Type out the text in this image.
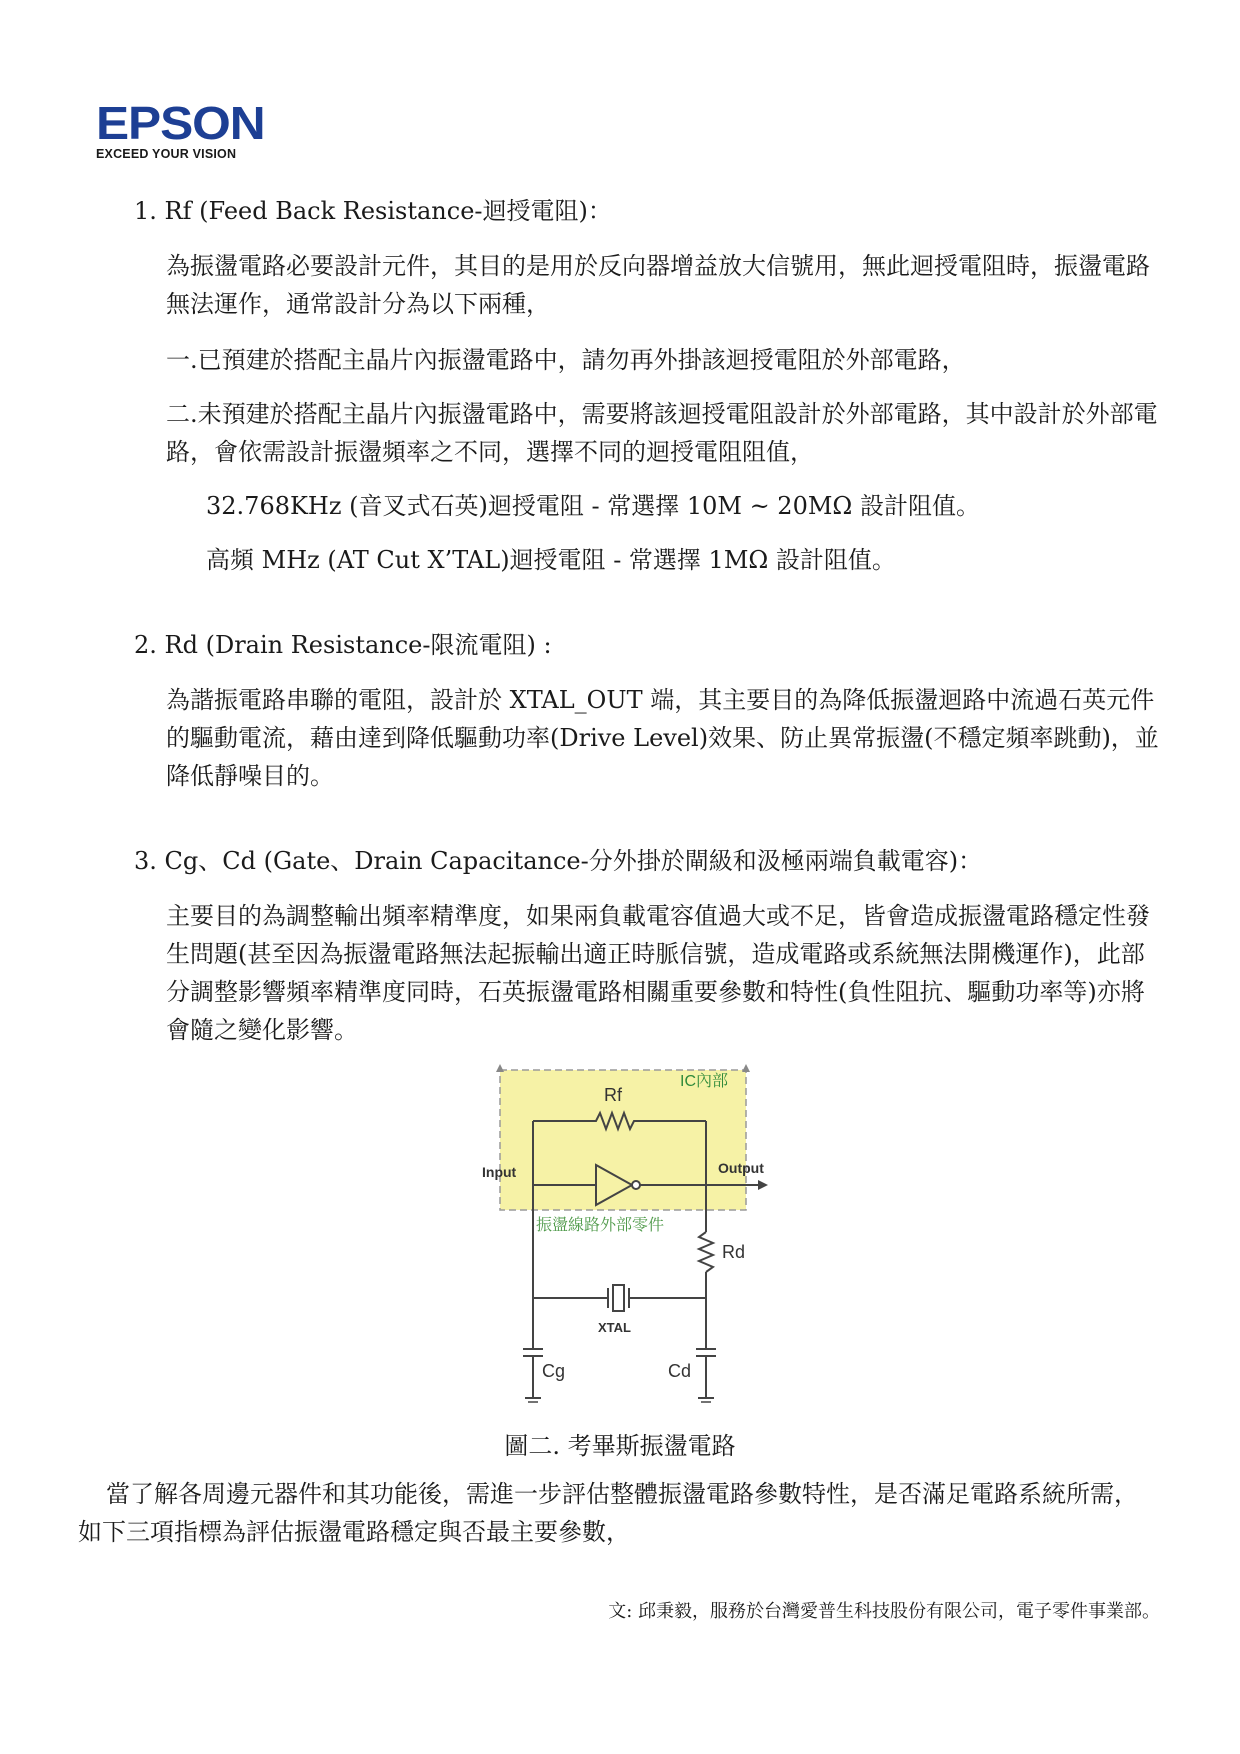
EPSON
EXCEED YOUR VISION
1. Rf (Feed Back Resistance-迴授電阻)：
為振盪電路必要設計元件，其目的是用於反向器增益放大信號用，無此迴授電阻時，振盪電路無法運作，通常設計分為以下兩種，
一.已預建於搭配主晶片內振盪電路中，請勿再外掛該迴授電阻於外部電路，
二.未預建於搭配主晶片內振盪電路中，需要將該迴授電阻設計於外部電路，其中設計於外部電路，會依需設計振盪頻率之不同，選擇不同的迴授電阻阻值，
32.768KHz (音叉式石英)迴授電阻 - 常選擇 10M ~ 20MΩ 設計阻值。
高頻 MHz (AT Cut X’TAL)迴授電阻 - 常選擇 1MΩ 設計阻值。
2. Rd (Drain Resistance-限流電阻) :
為諧振電路串聯的電阻，設計於 XTAL_OUT 端，其主要目的為降低振盪迴路中流過石英元件的驅動電流，藉由達到降低驅動功率(Drive Level)效果、防止異常振盪(不穩定頻率跳動)，並降低靜噪目的。
3. Cg、Cd (Gate、Drain Capacitance-分外掛於閘級和汲極兩端負載電容)：
主要目的為調整輸出頻率精準度，如果兩負載電容值過大或不足，皆會造成振盪電路穩定性發生問題(甚至因為振盪電路無法起振輸出適正時脈信號，造成電路或系統無法開機運作)，此部分調整影響頻率精準度同時，石英振盪電路相關重要參數和特性(負性阻抗、驅動功率等)亦將會隨之變化影響。
IC內部
Rf
Input	Output
振盪線路外部零件
Rd
XTAL
Cg	Cd
圖二. 考畢斯振盪電路
當了解各周邊元器件和其功能後，需進一步評估整體振盪電路參數特性，是否滿足電路系統所需，如下三項指標為評估振盪電路穩定與否最主要參數，
文: 邱秉毅，服務於台灣愛普生科技股份有限公司，電子零件事業部。
